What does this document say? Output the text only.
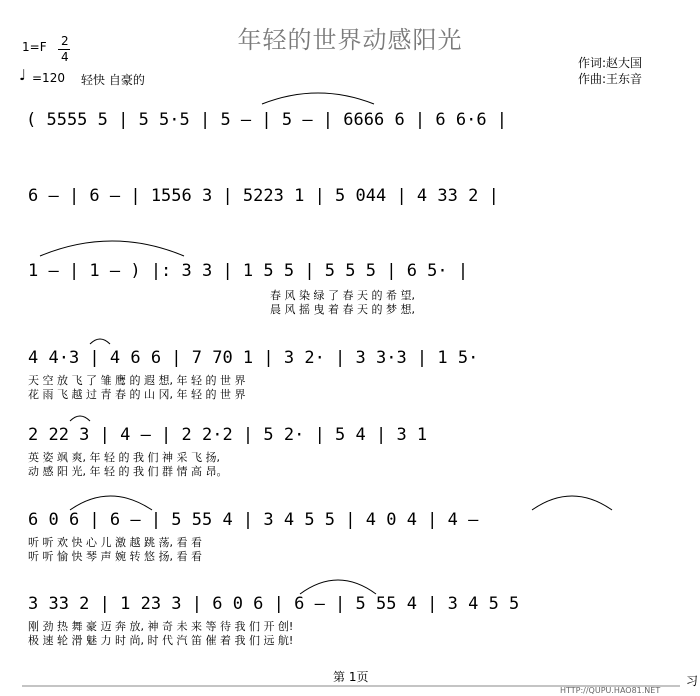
年轻的世界动感阳光
1=F 2
4
♩ =120 轻快 自豪的
作词:赵大国
作曲:王东音
( 5555 5 | 5 5·5 | 5 – | 5 – | 6666 6 | 6 6·6 |
6 – | 6 – | 1556 3 | 5223 1 | 5 044 | 4 33 2 |
1 – | 1 – ) |: 3 3 | 1 5 5 | 5 5 5 | 6 5· |
春 风 染 绿 了 春 天 的 希 望,
晨 风 摇 曳 着 春 天 的 梦 想,
4 4·3 | 4 6 6 | 7 70 1 | 3 2· | 3 3·3 | 1 5·
天 空 放 飞 了 雏 鹰 的 遐 想, 年 轻 的 世 界
花 雨 飞 越 过 青 春 的 山 冈, 年 轻 的 世 界
2 22 3 | 4 – | 2 2·2 | 5 2· | 5 4 | 3 1
英 姿 飒 爽, 年 轻 的 我 们 神 采 飞 扬,
动 感 阳 光, 年 轻 的 我 们 群 情 高 昂。
6 0 6 | 6 – | 5 55 4 | 3 4 5 5 | 4 0 4 | 4 –
听 听 欢 快 心 儿 激 越 跳 荡, 看 看
听 听 愉 快 琴 声 婉 转 悠 扬, 看 看
3 33 2 | 1 23 3 | 6 0 6 | 6 – | 5 55 4 | 3 4 5 5
刚 劲 热 舞 豪 迈 奔 放, 神 奇 未 来 等 待 我 们 开 创!
极 速 轮 滑 魅 力 时 尚, 时 代 汽 笛 催 着 我 们 远 航!
第 1页
HTTP://QUPU.HAO81.NET
习
